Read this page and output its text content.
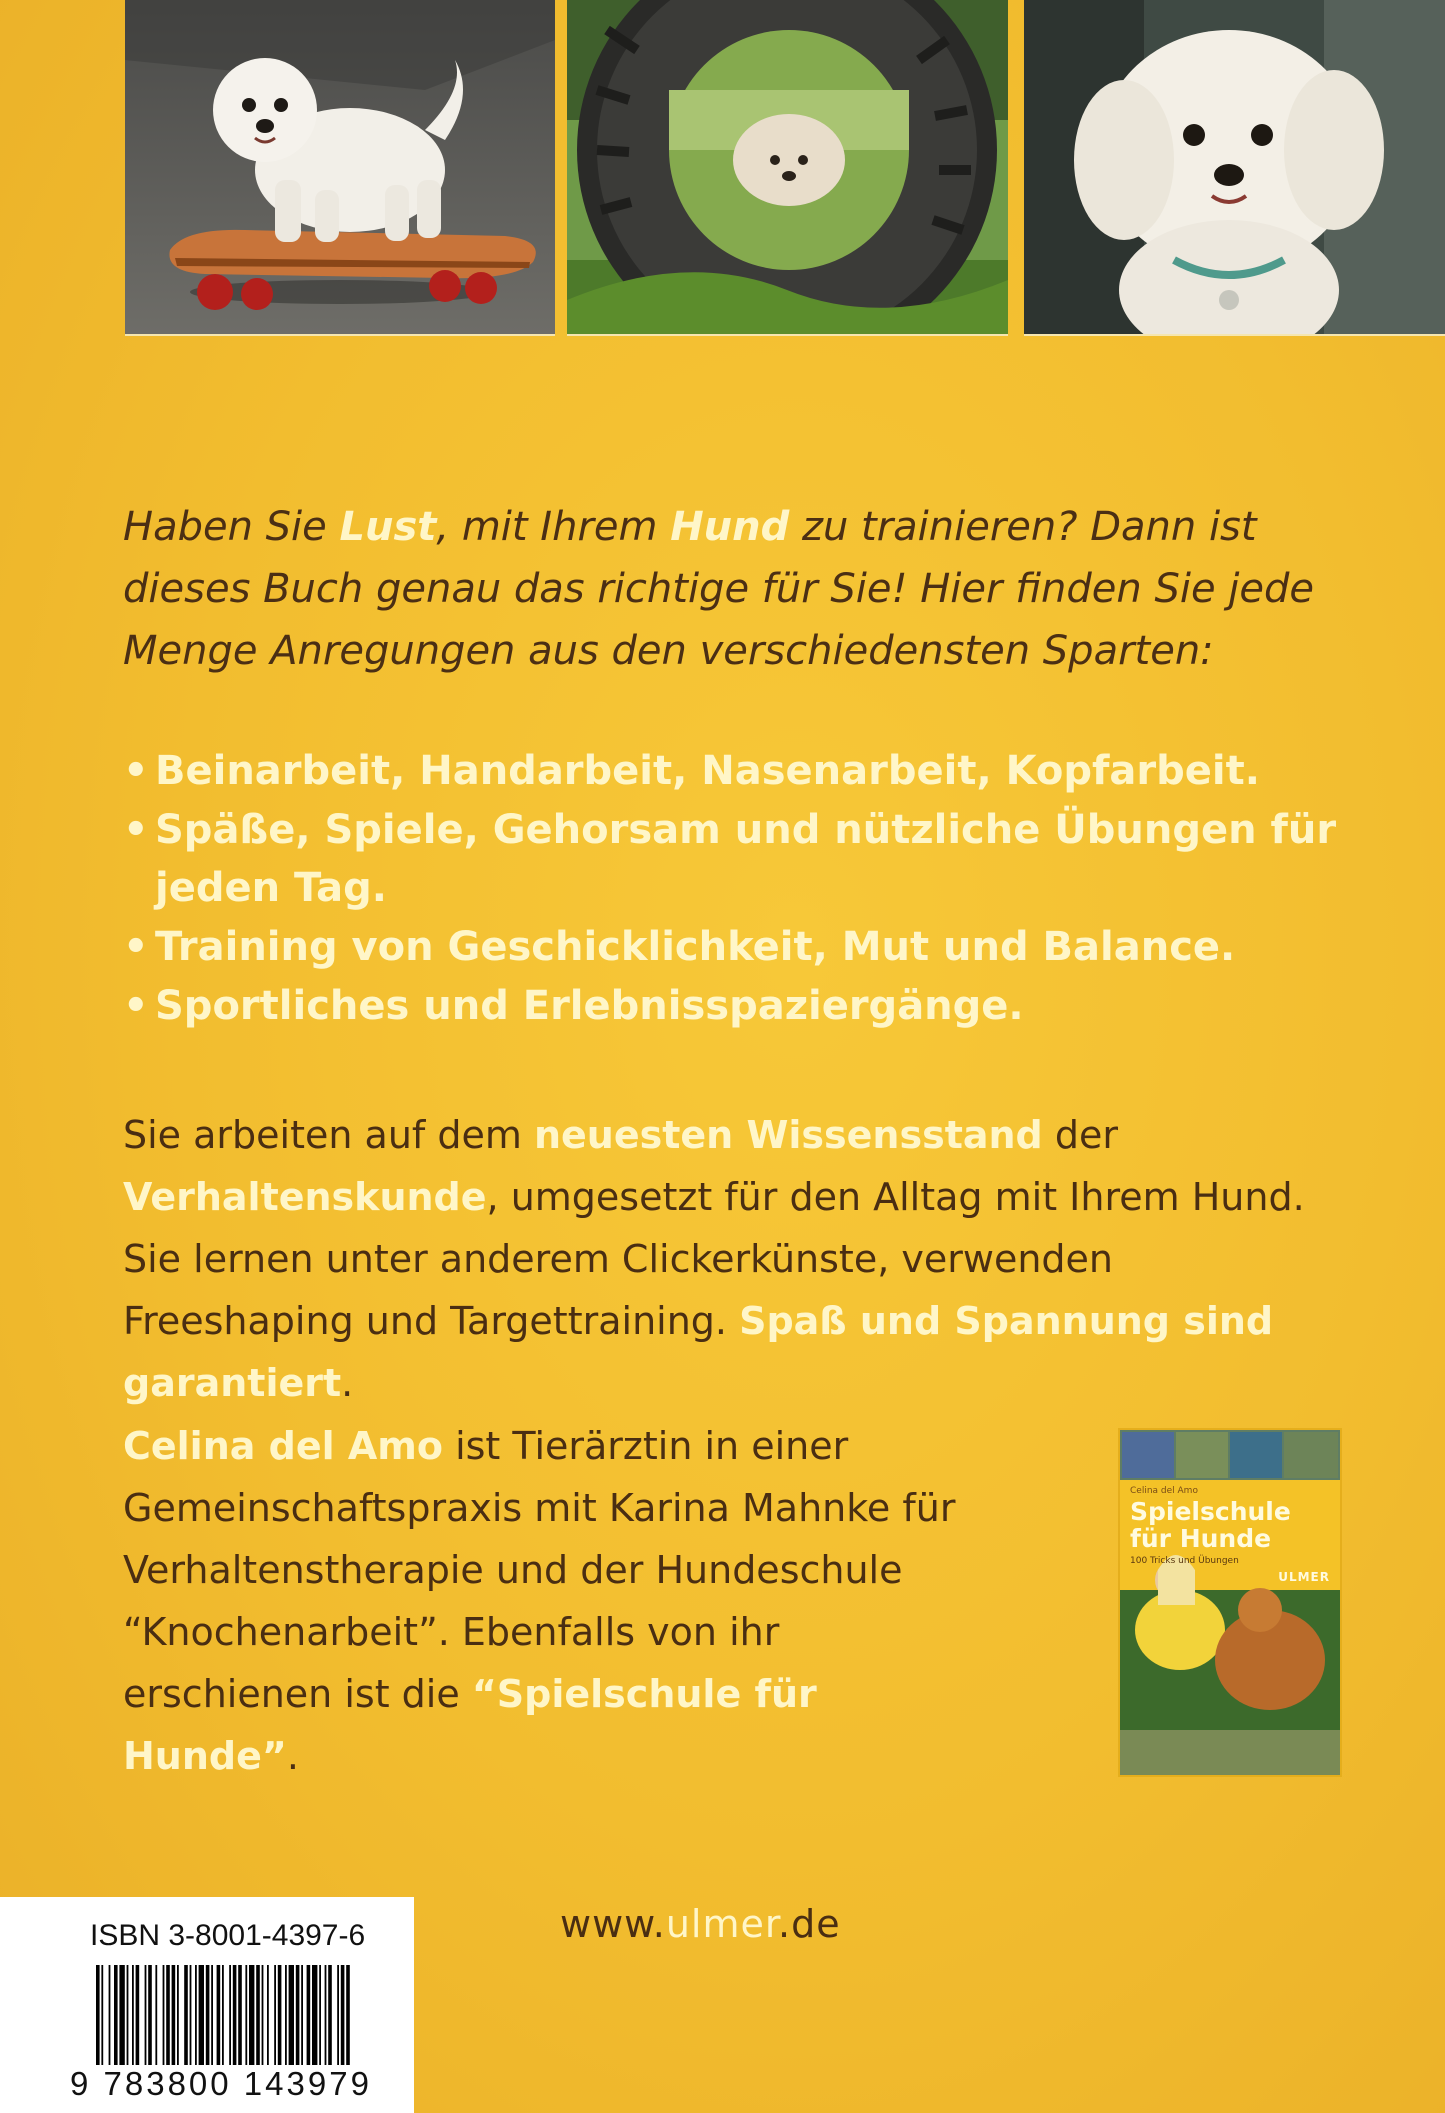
Haben Sie Lust, mit Ihrem Hund zu trainieren? Dann ist dieses Buch genau das richtige für Sie! Hier finden Sie jede Menge Anregungen aus den verschiedensten Sparten:
• Beinarbeit, Handarbeit, Nasenarbeit, Kopfarbeit.
• Späße, Spiele, Gehorsam und nützliche Übungen für jeden Tag.
• Training von Geschicklichkeit, Mut und Balance.
• Sportliches und Erlebnisspaziergänge.
Sie arbeiten auf dem neuesten Wissensstand der Verhaltenskunde, umgesetzt für den Alltag mit Ihrem Hund. Sie lernen unter anderem Clickerkünste, verwenden Freeshaping und Targettraining. Spaß und Spannung sind garantiert.
Celina del Amo ist Tierärztin in einer Gemeinschaftspraxis mit Karina Mahnke für Verhaltenstherapie und der Hundeschule “Knochenarbeit”. Ebenfalls von ihr erschienen ist die “Spielschule für Hunde”.
Celina del Amo
Spielschule
für Hunde
100 Tricks und Übungen
ULMER
ISBN 3-8001-4397-6
9 783800 143979
www.ulmer.de
